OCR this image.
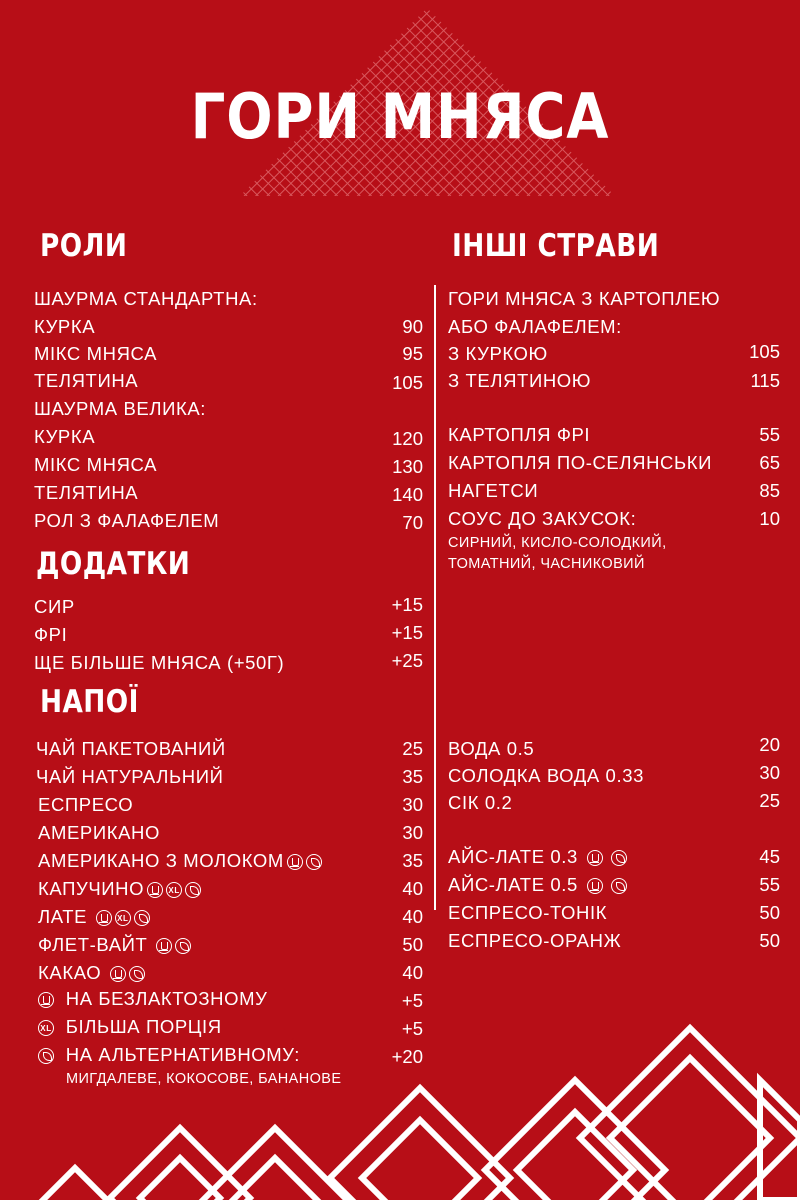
ГОРИ МНЯСА
РОЛИ
ШАУРМА СТАНДАРТНА:
КУРКА	90
МІКС МНЯСА	95
ТЕЛЯТИНА	105
ШАУРМА ВЕЛИКА:
КУРКА	120
МІКС МНЯСА	130
ТЕЛЯТИНА	140
РОЛ З ФАЛАФЕЛЕМ	70
ДОДАТКИ
СИР	+15
ФРІ	+15
ЩЕ БІЛЬШЕ МНЯСА (+50Г)	+25
НАПОЇ
ЧАЙ ПАКЕТОВАНИЙ	25
ЧАЙ НАТУРАЛЬНИЙ	35
ЕСПРЕСО	30
АМЕРИКАНО	30
АМЕРИКАНО З МОЛОКОМ	35
КАПУЧИНО	XL	40
ЛАТЕ	XL	40
ФЛЕТ-ВАЙТ	50
КАКАО	40
НА БЕЗЛАКТОЗНОМУ	+5
XL БІЛЬША ПОРЦІЯ	+5
НА АЛЬТЕРНАТИВНОМУ:	+20
МИГДАЛЕВЕ, КОКОСОВЕ, БАНАНОВЕ
ІНШІ СТРАВИ
ГОРИ МНЯСА З КАРТОПЛЕЮ
АБО ФАЛАФЕЛЕМ:
З КУРКОЮ	105
З ТЕЛЯТИНОЮ	115
КАРТОПЛЯ ФРІ	55
КАРТОПЛЯ ПО-СЕЛЯНСЬКИ	65
НАГЕТСИ	85
СОУС ДО ЗАКУСОК:	10
СИРНИЙ, КИСЛО-СОЛОДКИЙ,
ТОМАТНИЙ, ЧАСНИКОВИЙ
ВОДА 0.5	20
СОЛОДКА ВОДА 0.33	30
СІК 0.2	25
АЙС-ЛАТЕ 0.3	45
АЙС-ЛАТЕ 0.5	55
ЕСПРЕСО-ТОНІК	50
ЕСПРЕСО-ОРАНЖ	50
